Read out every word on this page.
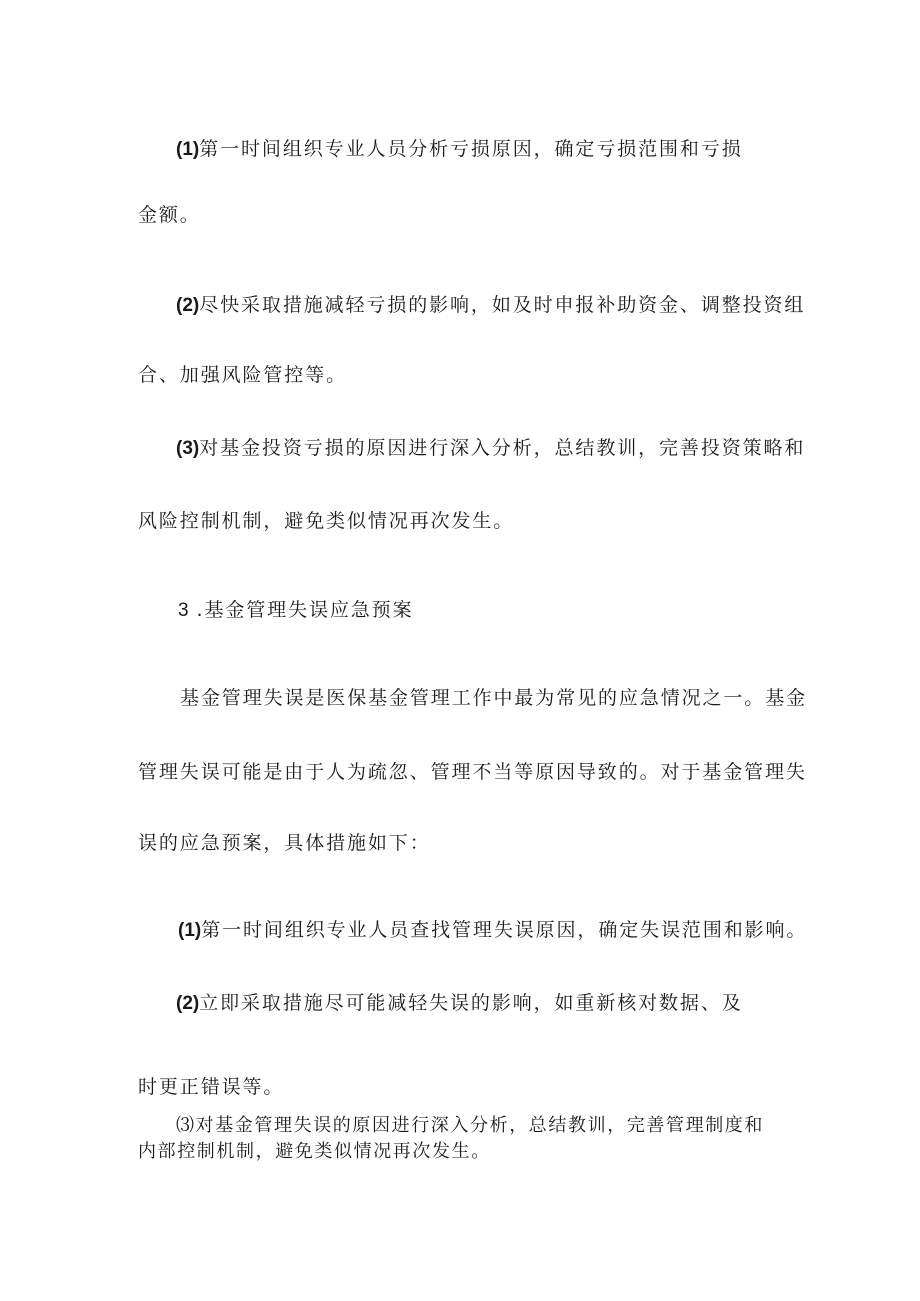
(1)第一时间组织专业人员分析亏损原因，确定亏损范围和亏损
金额。
(2)尽快采取措施减轻亏损的影响，如及时申报补助资金、调整投资组
合、加强风险管控等。
(3)对基金投资亏损的原因进行深入分析，总结教训，完善投资策略和
风险控制机制，避免类似情况再次发生。
3 .基金管理失误应急预案
基金管理失误是医保基金管理工作中最为常见的应急情况之一。基金
管理失误可能是由于人为疏忽、管理不当等原因导致的。对于基金管理失
误的应急预案，具体措施如下：
(1)第一时间组织专业人员查找管理失误原因，确定失误范围和影响。
(2)立即采取措施尽可能减轻失误的影响，如重新核对数据、及
时更正错误等。
⑶对基金管理失误的原因进行深入分析，总结教训，完善管理制度和
内部控制机制，避免类似情况再次发生。
